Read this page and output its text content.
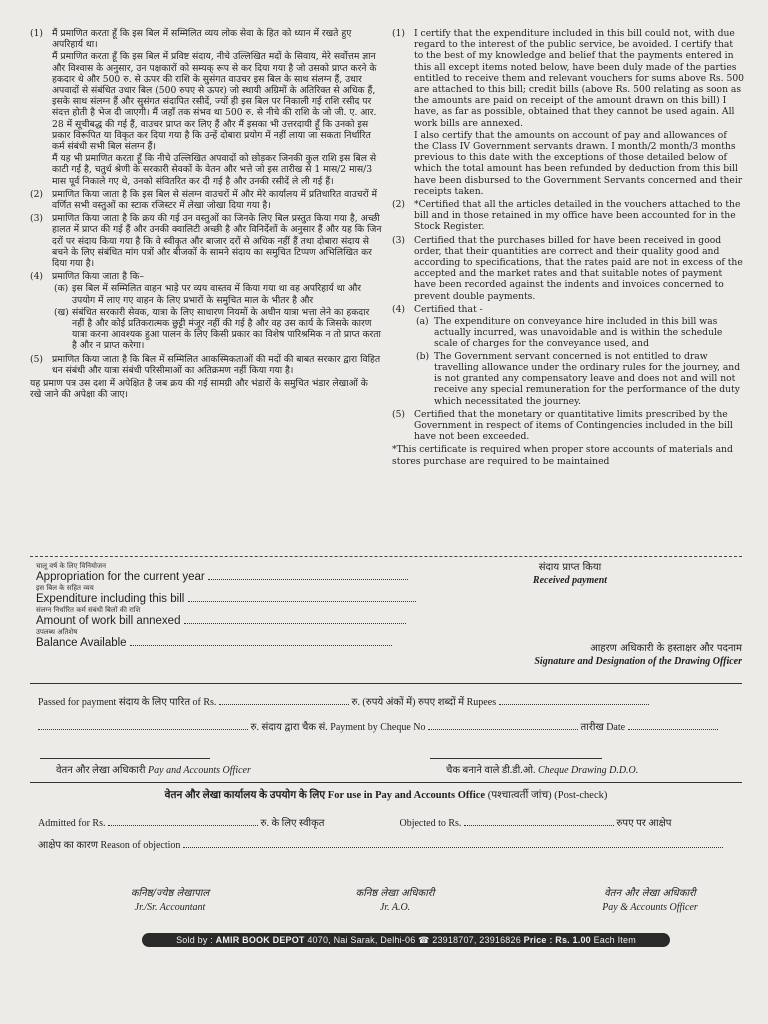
(1) मैं प्रमाणित करता हूँ कि इस बिल में सम्मिलित व्यय लोक सेवा के हित को ध्यान में रखते हुए अपरिहार्य था।

मैं प्रमाणित करता हूँ कि इस बिल में प्रविष्ट संदाय, नीचे उल्लिखित मदों के सिवाय, मेरे सर्वोत्तम ज्ञान और विश्वास के अनुसार, उन पक्षकारों को सम्यक् रूप से कर दिया गया है जो उसको प्राप्त करने के हकदार थे और 500 रु. से ऊपर की राशि के सुसंगत वाउचर इस बिल के साथ संलग्न हैं, उधार अपवादों से संबंधित उधार बिल (500 रुपए से ऊपर) जो स्थायी अग्रिमों के अतिरिक्त से अधिक हैं, इसके साथ संलग्न हैं और सुसंगत संदापित रसीदें, ज्यों ही इस बिल पर निकाली गई राशि रसीद पर संदत्त होती है भेज दी जाएगी। मैं जहाँ तक संभव था 500 रु. से नीचे की राशि के जो जी. ए. आर. 28 में सूचीबद्ध की गई हैं, वाउचर प्राप्त कर लिए हैं और मैं इसका भी उत्तरदायी हूँ कि उनको इस प्रकार विरूपित या विकृत कर दिया गया है कि उन्हें दोबारा प्रयोग में नहीं लाया जा सकता निर्धारित कर्म संबंधी सभी बिल संलग्न हैं।

मैं यह भी प्रमाणित करता हूँ कि नीचे उल्लिखित अपवादों को छोड़कर जिनकी कुल राशि इस बिल से काटी गई है, चतुर्थ श्रेणी के सरकारी सेवकों के वेतन और भत्ते जो इस तारीख से 1 मास/2 मास/3 मास पूर्व निकाले गए थे, उनको संवितरित कर दी गई है और उनकी रसीदें ले ली गई हैं।

(2) प्रमाणित किया जाता है कि इस बिल से संलग्न वाउचरों में और मेरे कार्यालय में प्रतिधारित वाउचरों में वर्णित सभी वस्तुओं का स्टाक रजिस्टर में लेखा जोखा दिया गया है।

(3) प्रमाणित किया जाता है कि क्रय की गई उन वस्तुओं का जिनके लिए बिल प्रस्तुत किया गया है, अच्छी हालत में प्राप्त की गई हैं और उनकी क्वालिटी अच्छी है और विनिर्देशों के अनुसार हैं और यह कि जिन दरों पर संदाय किया गया है कि वे स्वीकृत और बाजार दरों से अधिक नहीं हैं तथा दोबारा संदाय से बचने के लिए संबंधित मांग पत्रों और बीजकों के सामने संदाय का समुचित टिप्पण अभिलिखित कर दिया गया है।

(4) प्रमाणित किया जाता है कि–

(क) इस बिल में सम्मिलित वाहन भाड़े पर व्यय वास्तव में किया गया था वह अपरिहार्य था और उपयोग में लाए गए वाहन के लिए प्रभारों के समुचित माल के भीतर है और
(ख) संबंधित सरकारी सेवक, यात्रा के लिए साधारण नियमों के अधीन यात्रा भत्ता लेने का हकदार नहीं है और कोई प्रतिकरात्मक छुट्टी मंजूर नहीं की गई है और वह उस कार्य के जिसके कारण यात्रा करना आवश्यक हुआ पालन के लिए किसी प्रकार का विशेष पारिश्रमिक न तो प्राप्त करता है और न प्राप्त करेगा।
(5) प्रमाणित किया जाता है कि बिल में सम्मिलित आकस्मिकताओं की मदों की बाबत सरकार द्वारा विहित धन संबंधी और यात्रा संबंधी परिसीमाओं का अतिक्रमण नहीं किया गया है।

यह प्रमाण पत्र उस दशा में अपेक्षित है जब क्रय की गई सामग्री और भंडारों के समुचित भंडार लेखाओं के रखे जाने की अपेक्षा की जाए।

(1) I certify that the expenditure included in this bill could not, with due regard to the interest of the public service, be avoided. I certify that to the best of my knowledge and belief that the payments entered in this all except items noted below, have been duly made of the parties entitled to receive them and relevant vouchers for sums above Rs. 500 are attached to this bill; credit bills (above Rs. 500 relating as soon as the amounts are paid on receipt of the amount drawn on this bill) I have, as far as possible, obtained that they cannot be used again. All work bills are annexed.

I also certify that the amounts on account of pay and allowances of the Class IV Government servants drawn. I month/2 month/3 months previous to this date with the exceptions of those detailed below of which the total amount has been refunded by deduction from this bill have been disbursed to the Government Servants concerned and their receipts taken.

(2) *Certified that all the articles detailed in the vouchers attached to the bill and in those retained in my office have been accounted for in the Stock Register.

(3) Certified that the purchases billed for have been received in good order, that their quantities are correct and their quality good and according to specifications, that the rates paid are not in excess of the accepted and the market rates and that suitable notes of payment have been recorded against the indents and invoices concerned to prevent double payments.

(4) Certified that -

(a) The expenditure on conveyance hire included in this bill was actually incurred, was unavoidable and is within the schedule scale of charges for the conveyance used, and
(b) The Government servant concerned is not entitled to draw travelling allowance under the ordinary rules for the journey, and is not granted any compensatory leave and does not and will not receive any special remuneration for the performance of the duty which necessitated the journey.
(5) Certified that the monetary or quantitative limits prescribed by the Government in respect of items of Contingencies included in the bill have not been exceeded.

*This certificate is required when proper store accounts of materials and stores purchase are required to be maintained

चालू वर्ष के लिए विनियोजन
Appropriation for the current year
इस बिल के सहित व्यय
Expenditure including this bill
संलग्न निर्धारित कर्म संबंधी बिलों की राशि
Amount of work bill annexed
उपलब्ध अतिशेष
Balance Available
संदाय प्राप्त किया
Received payment
आहरण अधिकारी के हस्ताक्षर और पदनाम
Signature and Designation of the Drawing Officer
Passed for payment संदाय के लिए पारित of Rs.	रु. (रुपये अंकों में) रुपए शब्दों में Rupees
रु. संदाय द्वारा चैक सं. Payment by Cheque No	तारीख Date
वेतन और लेखा अधिकारी Pay and Accounts Officer	चैक बनाने वाले डी.डी.ओ. Cheque Drawing D.D.O.
वेतन और लेखा कार्यालय के उपयोग के लिए For use in Pay and Accounts Office (पश्चात्वर्ती जांच) (Post-check)
Admitted for Rs.	रु. के लिए स्वीकृत	Objected to Rs.	रुपए पर आक्षेप
आक्षेप का कारण Reason of objection
कनिष्ठ/ज्येष्ठ लेखापाल
Jr./Sr. Accountant
कनिष्ठ लेखा अधिकारी
Jr. A.O.
वेतन और लेखा अधिकारी
Pay & Accounts Officer
Sold by : AMIR BOOK DEPOT 4070, Nai Sarak, Delhi-06 ☎ 23918707, 23916826 Price : Rs. 1.00 Each Item
